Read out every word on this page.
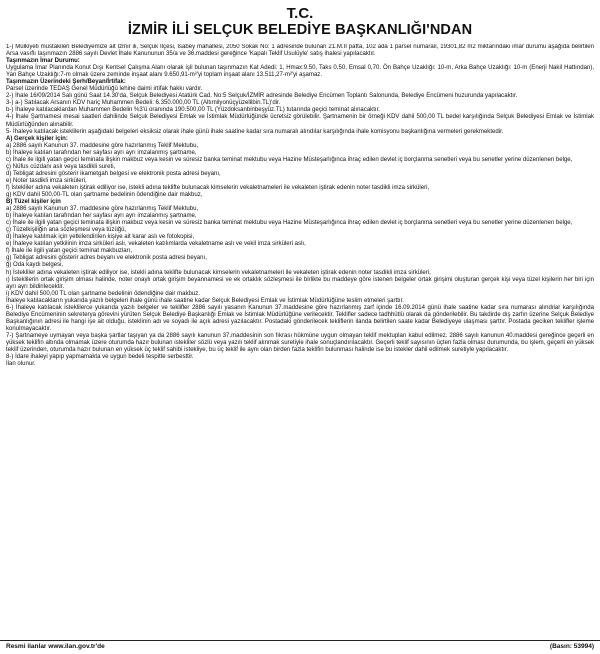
T.C.

İZMİR İLİ SELÇUK BELEDİYE BAŞKANLIĞI'NDAN

1-) Mülkiyeti müstakilen Belediyemize ait İzmir ili, Selçuk İlçesi, Isabey mahallesi, 2050 Sokak No: 1 adresinde bulunan 21.M.II pafta, 102 ada 1 parsel numaralı, 19301,82 m2 miktarındaki imar durumu aşağıda belirtilen Arsa vasıflı taşınmazın 2886 sayılı Devlet İhale Kanununun 35/a ve 36.maddesi gereğince 'Kapalı Teklif Usulüyle' satış ihalesi yapılacaktır.

Taşınmazın İmar Durumu:

Uygulama İmar Planında Konut Dışı Kentsel Çalışma Alanı olarak işli bulunan taşınmazın Kat Adedi: 1, Hmax:9.50, Taks 0,50, Emsal 0,70. Ön Bahçe Uzaklığı: 10-m, Arka Bahçe Uzaklığı: 10-m (Enerji Nakil Hattından), Yan Bahçe Uzaklığı:7-m olmak üzere zeminde inşaat alanı 9.650,91-m²'yi toplam inşaat alanı 13.511,27-m²'yi aşamaz.

Taşınmazın Üzerindeki Şerh/Beyan/İrtifak:

Parsel üzerinde TEDAŞ Genel Müdürlüğü lehine daimi irtifak hakkı vardır.

2-) İhale 16/09/2014 Salı günü Saat 14.30'da, Selçuk Belediyesi Atatürk Cad. No:5 Selçuk/İZMİR adresinde Belediye Encümen Toplantı Salonunda, Belediye Encümeni huzurunda yapılacaktır.

3-) a-) Satılacak Arsanın KDV hariç Muhammen Bedeli: 6.350.000,00 TL (Altımilyonüçyüzellibin.TL)'dir.

b-) İhaleye katılacaklardan Muhammen Bedelin %3'ü oranında 190.500,00 TL (Yüzdoksanbinbeşyüz.TL) tutarında geçici teminat alınacaktır.

4-) İhale Şartnamesi mesai saatleri dahilinde Selçuk Belediyesi Emlak ve İstimlak Müdürlüğünde ücretsiz görülebilir. Şartnamenin bir örneği KDV dahil 500,00 TL bedel karşılığında Selçuk Belediyesi Emlak ve İstimlak Müdürlüğünden alınabilir.

5- İhaleye katılacak isteklilerin aşağıdaki belgeleri eksiksiz olarak ihale günü ihale saatine kadar sıra numaralı alındılar karşılığında ihale komisyonu başkanlığına vermeleri gerekmektedir.

A) Gerçek kişiler için:

a) 2886 sayılı Kanunun 37. maddesine göre hazırlanmış Teklif Mektubu,

b) İhaleye katılan tarafından her sayfası ayrı ayrı imzalanmış şartname,

c) İhale ile ilgili yatan geçici teminata ilişkin makbuz veya kesin ve süresiz banka teminat mektubu veya Hazine Müsteşarlığınca ihraç edilen devlet iç borçlanma senetleri veya bu senetler yerine düzenlenen belge,

ç) Nüfus cüzdanı aslı veya tasdikli sureti,

d) Tebligat adresini gösterir ikametgah belgesi ve elektronik posta adresi beyanı,

e) Noter tasdikli imza sirküleri,

f) İstekliler adına vekaleten iştirak ediliyor ise, istekli adına teklifte bulunacak kimselerin vekaletnameleri ile vekaleten iştirak edenin noter tasdikli imza sirküleri,

g) KDV dahil 500,00-TL olan şartname bedelinin ödendiğine dair makbuz,

B) Tüzel kişiler için

a) 2886 sayılı Kanunun 37. maddesine göre hazırlanmış Teklif Mektubu,

b) İhaleye katılan tarafından her sayfası ayrı ayrı imzalanmış şartname,

c) İhale ile ilgili yatan geçici teminata ilişkin makbuz veya kesin ve süresiz banka teminat mektubu veya Hazine Müsteşarlığınca ihraç edilen devlet iç borçlanma senetleri veya bu senetler yerine düzenlenen belge,

ç) Tüzelkişiliğin ana sözleşmesi veya tüzüğü,

d) İhaleye katılmak için yetkilendirilen kişiye ait karar aslı ve fotokopisi,

e) İhaleye katılan yetkilinin imza sirküleri aslı, vekaleten katılımlarda vekaletname aslı ve vekil imza sirküleri aslı,

f) İhale ile ilgili yatan geçici teminat makbuzları,

g) Tebligat adresini gösterir adres beyanı ve elektronik posta adresi beyanı,

ğ) Oda kaydı belgesi,

h) İstekliler adına vekaleten iştirak ediliyor ise, istekli adına teklifte bulunacak kimselerin vekaletnameleri ile vekaleten iştirak edenin noter tasdikli imza sirküleri,

ı) İsteklilerin ortak girişim olması halinde, noter onaylı ortak girişim beyannamesi ve ek ortaklık sözleşmesi ile birlikte bu maddeye göre istenen belgeler ortak girişimi oluşturan gerçek kişi veya tüzel kişilerin her biri için ayrı ayrı bildirilecektir.

i) KDV dahil 500,00 TL olan şartname bedelinin ödendiğine dair makbuz.

İhaleye katılacakların yukarıda yazılı belgeleri ihale günü ihale saatine kadar Selçuk Belediyesi Emlak ve İstimlak Müdürlüğüne teslim etmeleri şarttır.

6-) İhaleye katılacak isteklilerce yukarıda yazılı belgeler ve teklifler 2886 sayılı yasanın Kanunun 37.maddesine göre hazırlanmış zarf içinde 16.09.2014 günü ihale saatine kadar sıra numarası alındılar karşılığında Belediye Encümeninin sekreterya görevini yürüten Selçuk Belediye Başkanlığı Emlak ve İstimlak Müdürlüğüne verilecektir. Teklifler sadece tadhhütlü olarak da gönderilebilir. Bu takdirde dış zarfın üzerine Selçuk Belediye Başkanlığının adresi ile hangi işe ait olduğu, isteklinin adı ve soyadı ile açık adresi yazılacaktır. Postadaki gönderilecek tekliflerin ilanda belirtilen saate kadar Belediyeye ulaşması şarttır. Postada geciken teklifler işleme konulmayacaktır.

7-) Şartnameye uymayan veya başka şartlar taşıyan ya da 2886 sayılı kanunun 37.maddesinin son fıkrası hükmüne uygun olmayan teklif mektupları kabul edilmez. 2886 sayılı kanunun 40.maddesi gereğince geçerli en yüksek teklifin altında olmamak üzere oturumda hazır bulunan istekliler sözlü veya yazılı teklif alınmak suretiyle ihale sonuçlandırılacaktır. Geçerli teklif sayısının üçten fazla olması durumunda, bu işlem, geçerli en yüksek teklif üzerinden, oturumda hazır bulunan en yüksek üç teklif sahibi istekliye, bu üç teklif ile aynı olan birden fazla teklifin bulunması halinde ise bu istekler dahil edilmek suretiyle yapılacaktır.

8-) İdare ihaleyi yapıp yapmamakta ve uygun bedeli tespitte serbesttir.

İlan olunur.

Resmi ilanlar www.ilan.gov.tr'de	(Basın: 53994)
